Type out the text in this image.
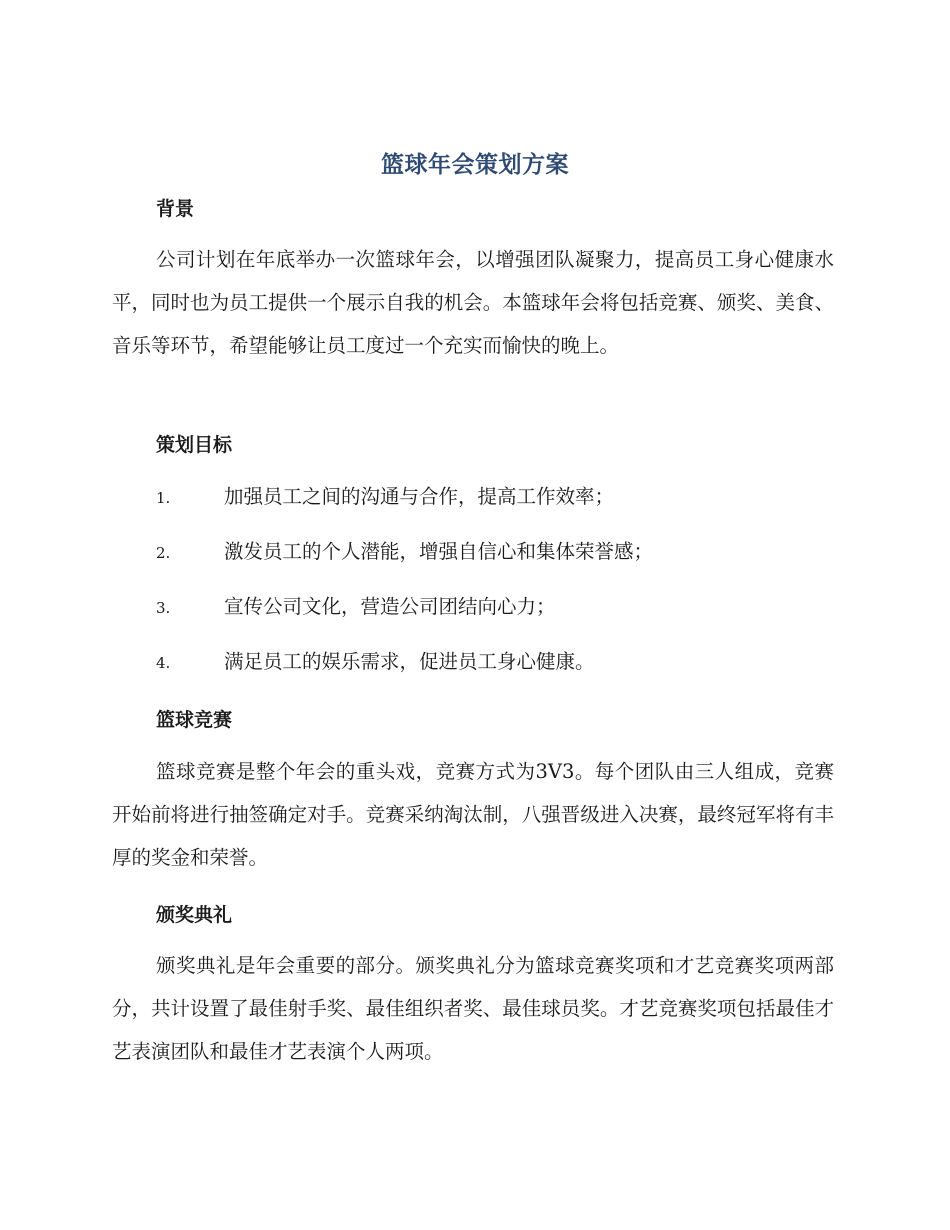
篮球年会策划方案
背景

公司计划在年底举办一次篮球年会，以增强团队凝聚力，提高员工身心健康水平，同时也为员工提供一个展示自我的机会。本篮球年会将包括竞赛、颁奖、美食、音乐等环节，希望能够让员工度过一个充实而愉快的晚上。

策划目标
1.	加强员工之间的沟通与合作，提高工作效率；
2.	激发员工的个人潜能，增强自信心和集体荣誉感；
3.	宣传公司文化，营造公司团结向心力；
4.	满足员工的娱乐需求，促进员工身心健康。
篮球竞赛

篮球竞赛是整个年会的重头戏，竞赛方式为3V3。每个团队由三人组成，竞赛开始前将进行抽签确定对手。竞赛采纳淘汰制，八强晋级进入决赛，最终冠军将有丰厚的奖金和荣誉。

颁奖典礼

颁奖典礼是年会重要的部分。颁奖典礼分为篮球竞赛奖项和才艺竞赛奖项两部分，共计设置了最佳射手奖、最佳组织者奖、最佳球员奖。才艺竞赛奖项包括最佳才艺表演团队和最佳才艺表演个人两项。
